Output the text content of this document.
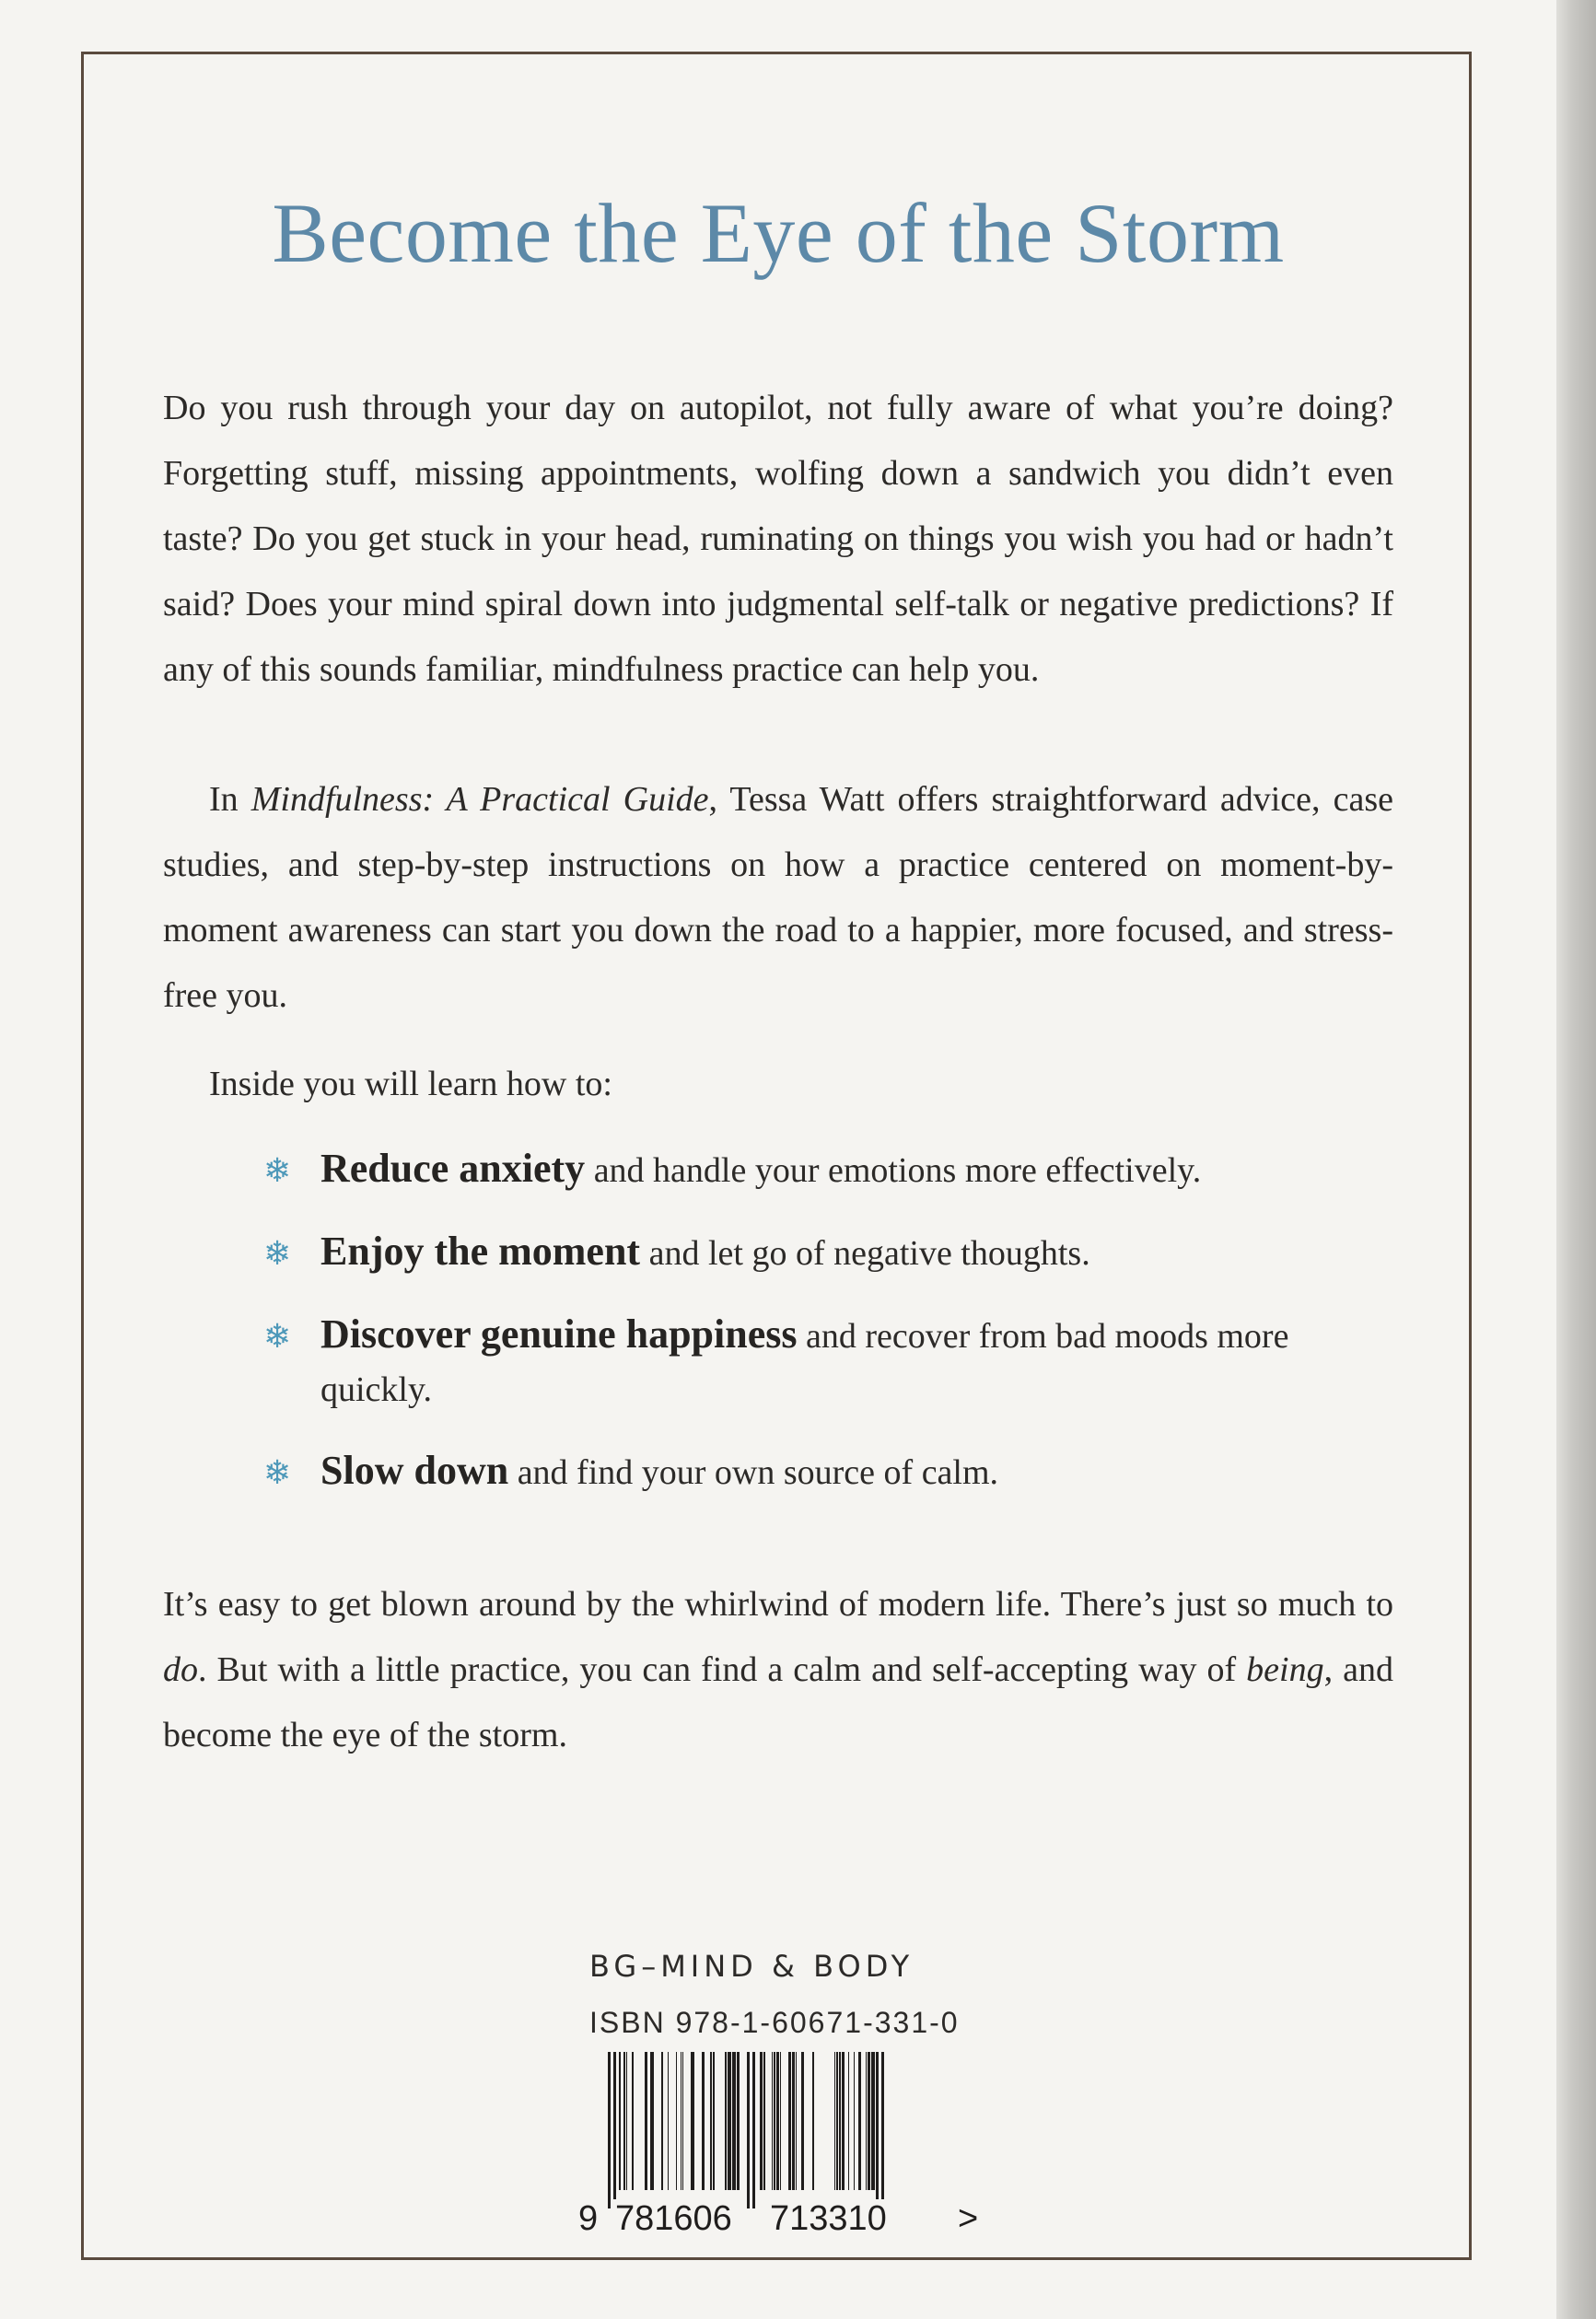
Become the Eye of the Storm
Do you rush through your day on autopilot, not fully aware of what you’re doing? Forgetting stuff, missing appointments, wolfing down a sandwich you didn’t even taste? Do you get stuck in your head, ruminating on things you wish you had or hadn’t said? Does your mind spiral down into judgmental self-talk or negative predictions? If any of this sounds familiar, mindfulness practice can help you.
In Mindfulness: A Practical Guide, Tessa Watt offers straightforward advice, case studies, and step-by-step instructions on how a practice centered on moment-by-moment awareness can start you down the road to a happier, more focused, and stress-free you.
Inside you will learn how to:
❄ Reduce anxiety and handle your emotions more effectively.
❄ Enjoy the moment and let go of negative thoughts.
❄ Discover genuine happiness and recover from bad moods more quickly.
❄ Slow down and find your own source of calm.
It’s easy to get blown around by the whirlwind of modern life. There’s just so much to do. But with a little practice, you can find a calm and self-accepting way of being, and become the eye of the storm.
BG–MIND & BODY
ISBN 978-1-60671-331-0
9 781606 713310 >
